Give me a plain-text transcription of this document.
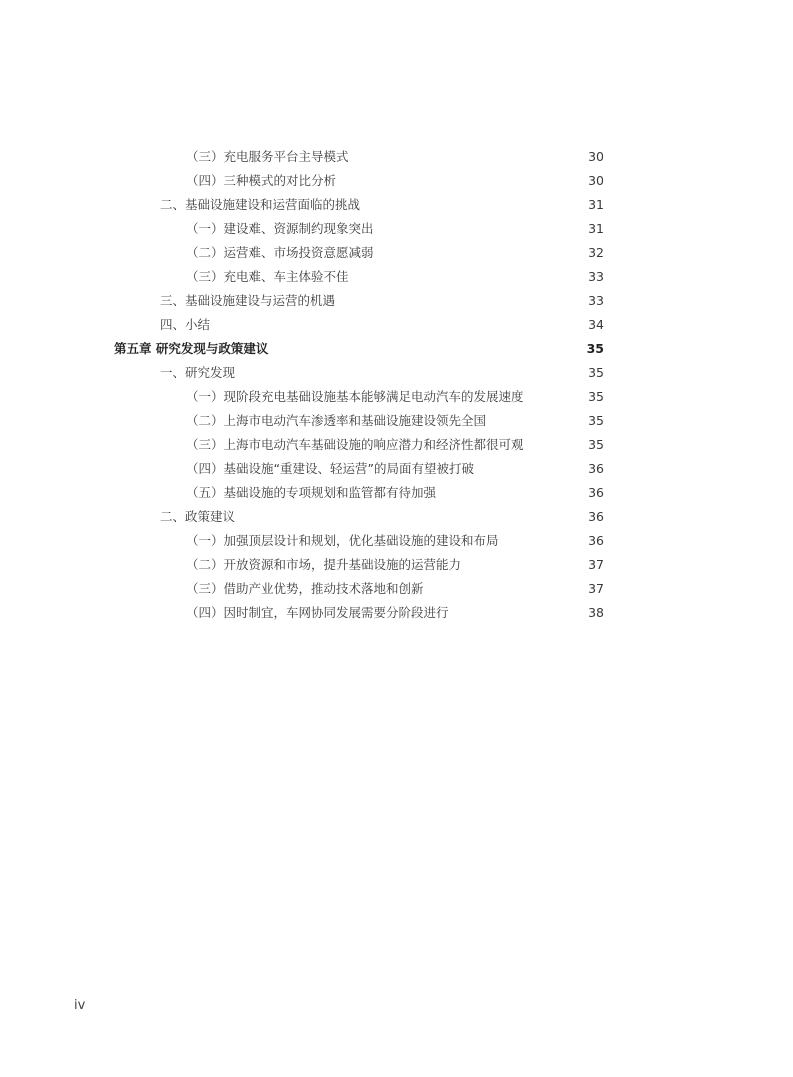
（三）充电服务平台主导模式	30
（四）三种模式的对比分析	30
二、基础设施建设和运营面临的挑战	31
（一）建设难、资源制约现象突出	31
（二）运营难、市场投资意愿减弱	32
（三）充电难、车主体验不佳	33
三、基础设施建设与运营的机遇	33
四、小结	34
第五章 研究发现与政策建议	35
一、研究发现	35
（一）现阶段充电基础设施基本能够满足电动汽车的发展速度	35
（二）上海市电动汽车渗透率和基础设施建设领先全国	35
（三）上海市电动汽车基础设施的响应潜力和经济性都很可观	35
（四）基础设施“重建设、轻运营”的局面有望被打破	36
（五）基础设施的专项规划和监管都有待加强	36
二、政策建议	36
（一）加强顶层设计和规划，优化基础设施的建设和布局	36
（二）开放资源和市场，提升基础设施的运营能力	37
（三）借助产业优势，推动技术落地和创新	37
（四）因时制宜，车网协同发展需要分阶段进行	38
iv
